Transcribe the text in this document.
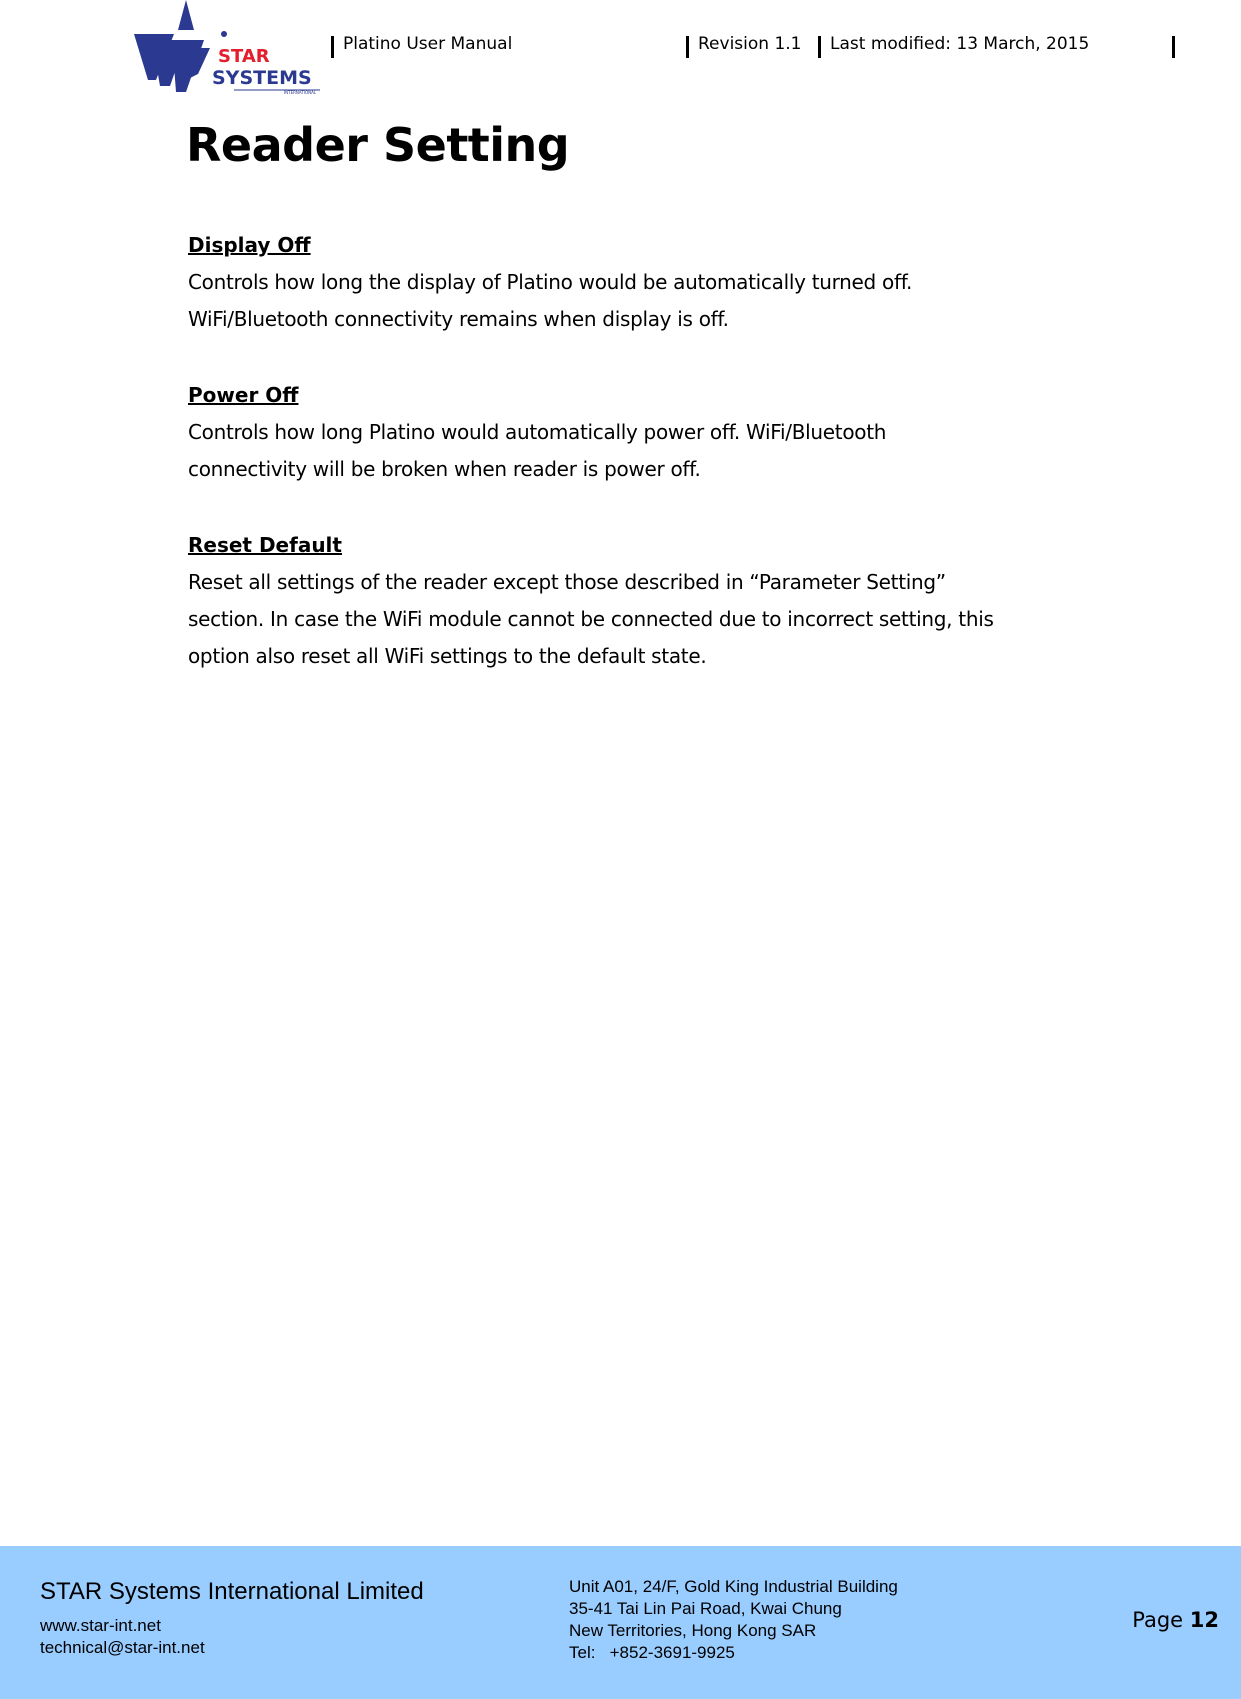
STAR
SYSTEMS
INTERNATIONAL
Platino User Manual	Revision 1.1 Last modified: 13 March, 2015
Reader Setting
Display Off
Controls how long the display of Platino would be automatically turned off.
WiFi/Bluetooth connectivity remains when display is off.
Power Off
Controls how long Platino would automatically power off. WiFi/Bluetooth
connectivity will be broken when reader is power off.
Reset Default
Reset all settings of the reader except those described in “Parameter Setting”
section. In case the WiFi module cannot be connected due to incorrect setting, this
option also reset all WiFi settings to the default state.
STAR Systems International Limited
www.star-int.net
technical@star-int.net
Unit A01, 24/F, Gold King Industrial Building
35-41 Tai Lin Pai Road, Kwai Chung
New Territories, Hong Kong SAR
Tel:   +852-3691-9925
Page 12
